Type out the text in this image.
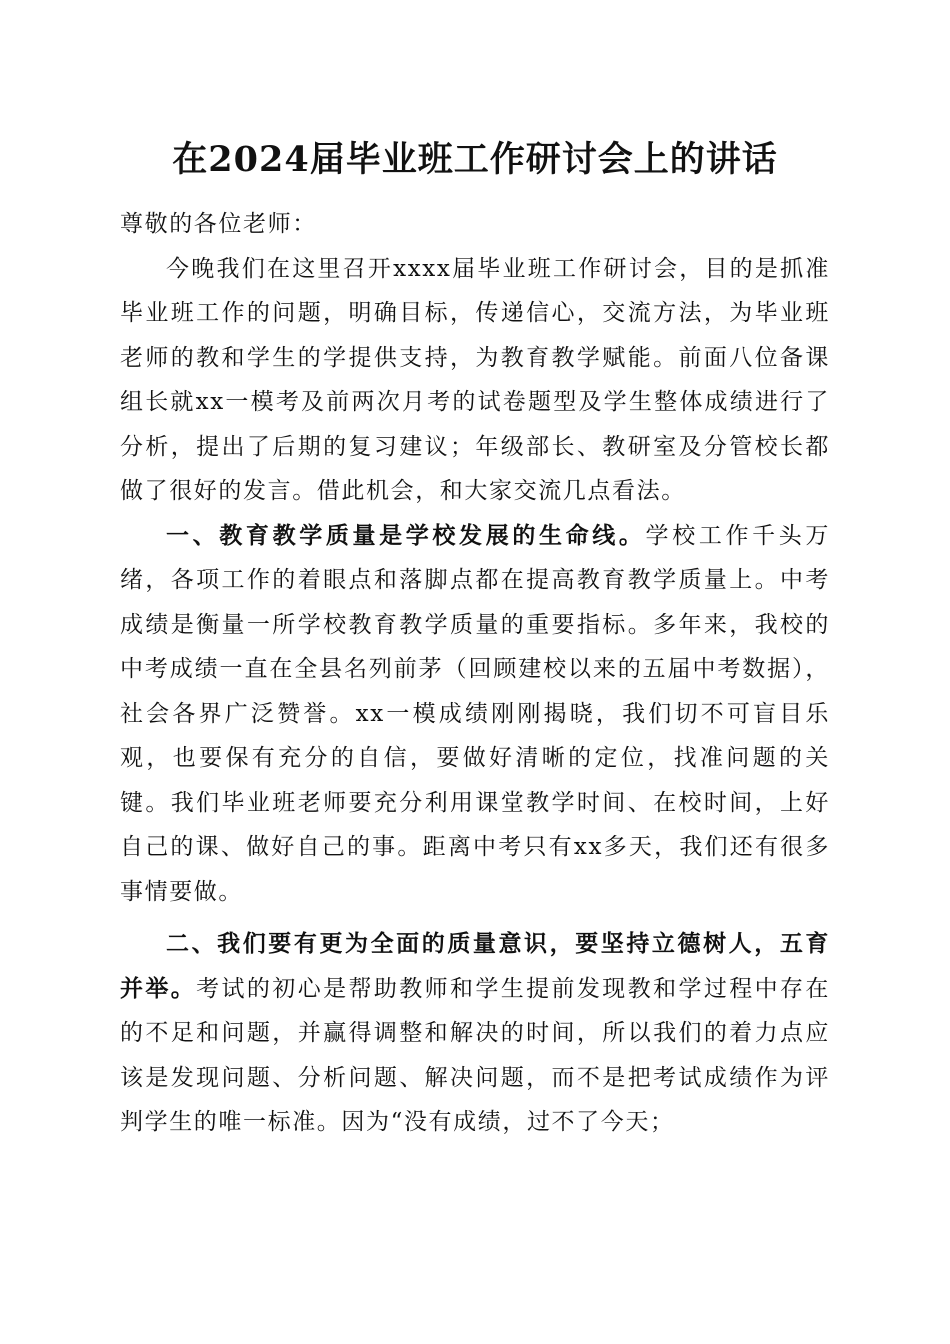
在2024届毕业班工作研讨会上的讲话

尊敬的各位老师：

今晚我们在这里召开xxxx届毕业班工作研讨会，目的是抓准毕业班工作的问题，明确目标，传递信心，交流方法，为毕业班老师的教和学生的学提供支持，为教育教学赋能。前面八位备课组长就xx一模考及前两次月考的试卷题型及学生整体成绩进行了分析，提出了后期的复习建议；年级部长、教研室及分管校长都做了很好的发言。借此机会，和大家交流几点看法。

一、教育教学质量是学校发展的生命线。学校工作千头万绪，各项工作的着眼点和落脚点都在提高教育教学质量上。中考成绩是衡量一所学校教育教学质量的重要指标。多年来，我校的中考成绩一直在全县名列前茅（回顾建校以来的五届中考数据），社会各界广泛赞誉。xx一模成绩刚刚揭晓，我们切不可盲目乐观，也要保有充分的自信，要做好清晰的定位，找准问题的关键。我们毕业班老师要充分利用课堂教学时间、在校时间，上好自己的课、做好自己的事。距离中考只有xx多天，我们还有很多事情要做。

二、我们要有更为全面的质量意识，要坚持立德树人，五育并举。考试的初心是帮助教师和学生提前发现教和学过程中存在的不足和问题，并赢得调整和解决的时间，所以我们的着力点应该是发现问题、分析问题、解决问题，而不是把考试成绩作为评判学生的唯一标准。因为“没有成绩，过不了今天；
